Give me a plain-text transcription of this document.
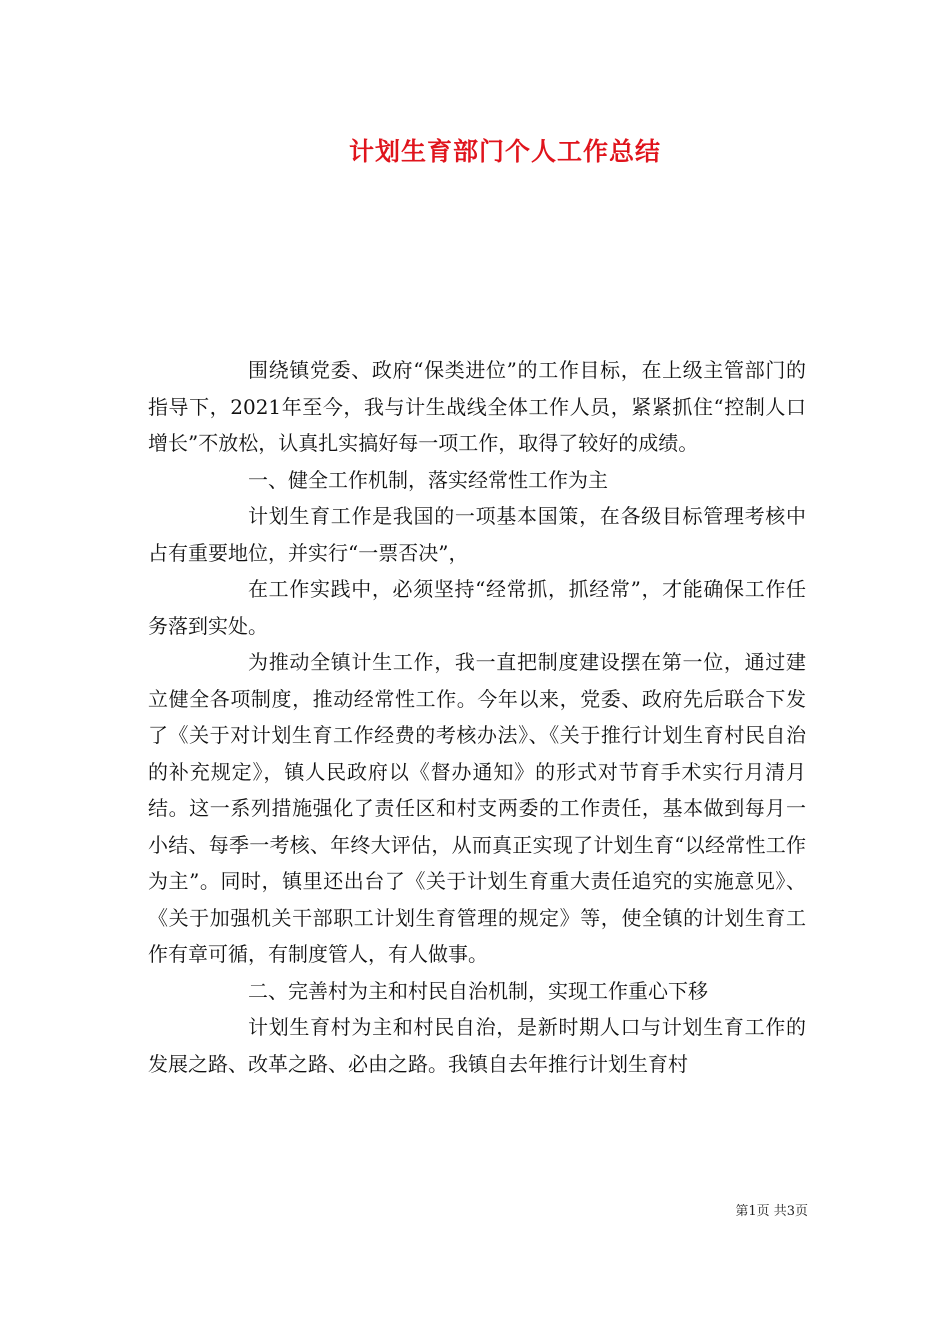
计划生育部门个人工作总结

围绕镇党委、政府“保类进位”的工作目标，在上级主管部门的指导下，2021年至今，我与计生战线全体工作人员，紧紧抓住“控制人口增长”不放松，认真扎实搞好每一项工作，取得了较好的成绩。

一、健全工作机制，落实经常性工作为主

计划生育工作是我国的一项基本国策，在各级目标管理考核中占有重要地位，并实行“一票否决”，

在工作实践中，必须坚持“经常抓，抓经常”，才能确保工作任务落到实处。

为推动全镇计生工作，我一直把制度建设摆在第一位，通过建立健全各项制度，推动经常性工作。今年以来，党委、政府先后联合下发了《关于对计划生育工作经费的考核办法》、《关于推行计划生育村民自治的补充规定》，镇人民政府以《督办通知》的形式对节育手术实行月清月结。这一系列措施强化了责任区和村支两委的工作责任，基本做到每月一小结、每季一考核、年终大评估，从而真正实现了计划生育“以经常性工作为主”。同时，镇里还出台了《关于计划生育重大责任追究的实施意见》、《关于加强机关干部职工计划生育管理的规定》等，使全镇的计划生育工作有章可循，有制度管人，有人做事。

二、完善村为主和村民自治机制，实现工作重心下移

计划生育村为主和村民自治，是新时期人口与计划生育工作的发展之路、改革之路、必由之路。我镇自去年推行计划生育村

第1页 共3页
